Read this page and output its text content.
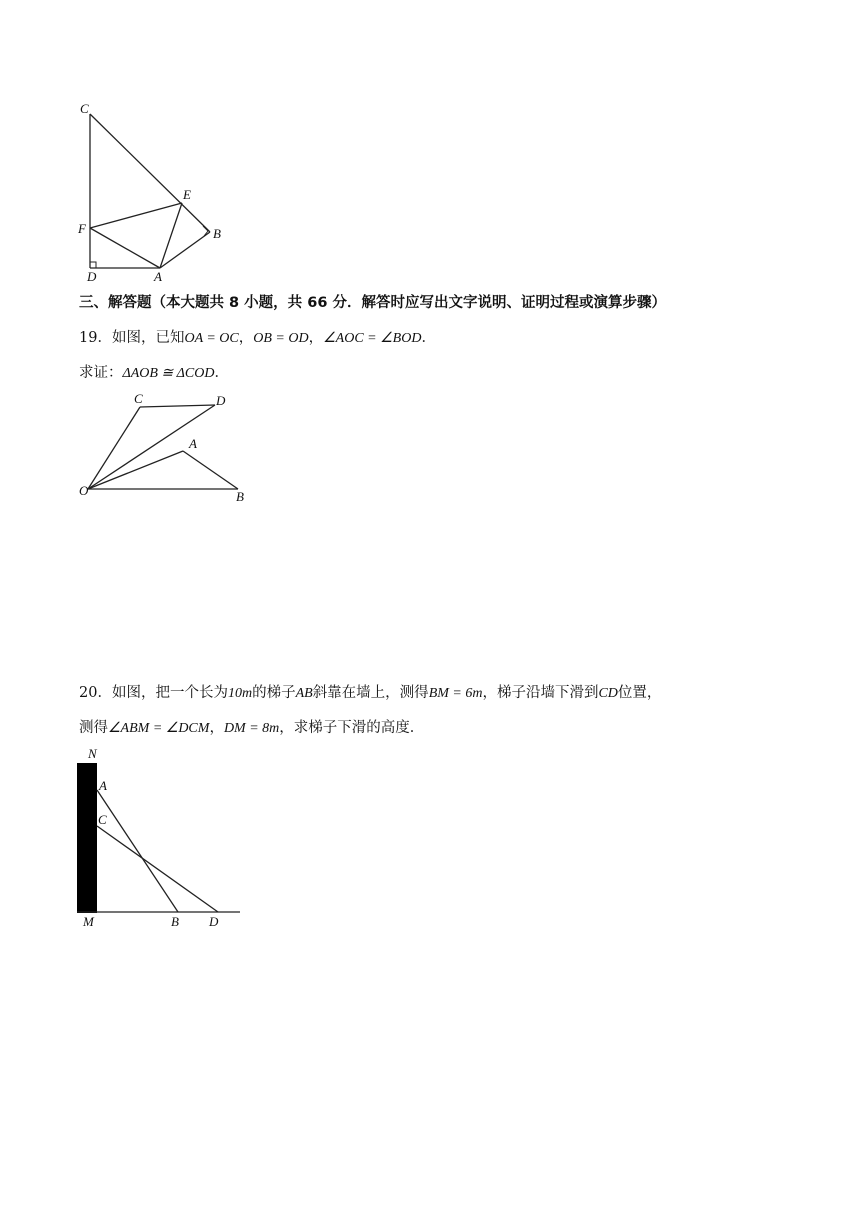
C
E
F	B
D	A
三、解答题（本大题共 8 小题，共 66 分．解答时应写出文字说明、证明过程或演算步骤）
19．如图，已知OA = OC，OB = OD，∠AOC = ∠BOD．
求证：ΔAOB ≅ ΔCOD．
C	D
A
O	B
20．如图，把一个长为10m的梯子AB斜靠在墙上，测得BM = 6m，梯子沿墙下滑到CD位置，
测得∠ABM = ∠DCM，DM = 8m，求梯子下滑的高度．
N
A
C
M	B D
